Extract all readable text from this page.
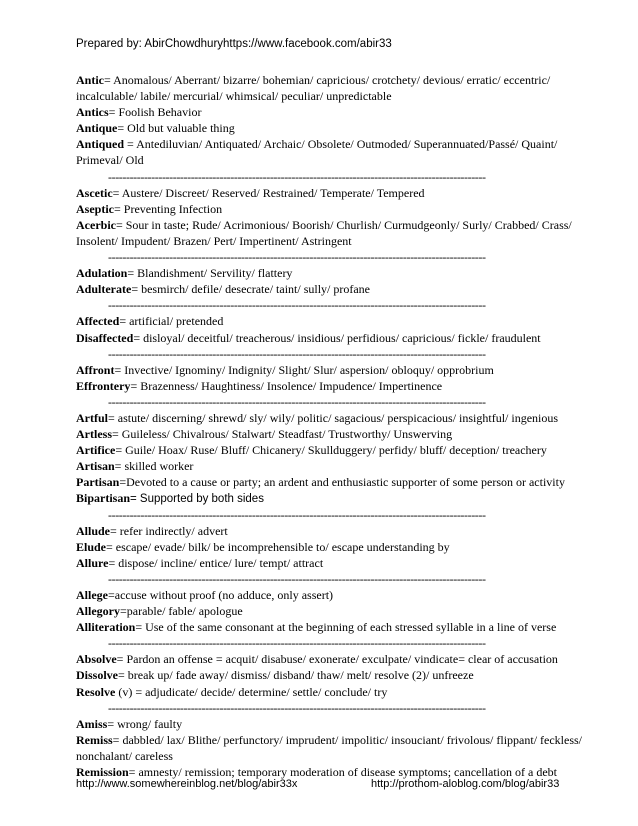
Prepared by: AbirChowdhuryhttps://www.facebook.com/abir33
Antic= Anomalous/ Aberrant/ bizarre/ bohemian/ capricious/ crotchety/ devious/ erratic/ eccentric/
incalculable/ labile/ mercurial/ whimsical/ peculiar/ unpredictable
Antics= Foolish Behavior
Antique= Old but valuable thing
Antiqued = Antediluvian/ Antiquated/ Archaic/ Obsolete/ Outmoded/ Superannuated/Passé/ Quaint/
Primeval/ Old
---------------------------------------------------------------------------------------------------------
Ascetic= Austere/ Discreet/ Reserved/ Restrained/ Temperate/ Tempered
Aseptic= Preventing Infection
Acerbic= Sour in taste; Rude/ Acrimonious/ Boorish/ Churlish/ Curmudgeonly/ Surly/ Crabbed/ Crass/
Insolent/ Impudent/ Brazen/ Pert/ Impertinent/ Astringent
---------------------------------------------------------------------------------------------------------
Adulation= Blandishment/ Servility/ flattery
Adulterate= besmirch/ defile/ desecrate/ taint/ sully/ profane
---------------------------------------------------------------------------------------------------------
Affected= artificial/ pretended
Disaffected= disloyal/ deceitful/ treacherous/ insidious/ perfidious/ capricious/ fickle/ fraudulent
---------------------------------------------------------------------------------------------------------
Affront= Invective/ Ignominy/ Indignity/ Slight/ Slur/ aspersion/ obloquy/ opprobrium
Effrontery= Brazenness/ Haughtiness/ Insolence/ Impudence/ Impertinence
---------------------------------------------------------------------------------------------------------
Artful= astute/ discerning/ shrewd/ sly/ wily/ politic/ sagacious/ perspicacious/ insightful/ ingenious
Artless= Guileless/ Chivalrous/ Stalwart/ Steadfast/ Trustworthy/ Unswerving
Artifice= Guile/ Hoax/ Ruse/ Bluff/ Chicanery/ Skullduggery/ perfidy/ bluff/ deception/ treachery
Artisan= skilled worker
Partisan=Devoted to a cause or party; an ardent and enthusiastic supporter of some person or activity
Bipartisan= Supported by both sides
---------------------------------------------------------------------------------------------------------
Allude= refer indirectly/ advert
Elude= escape/ evade/ bilk/ be incomprehensible to/ escape understanding by
Allure= dispose/ incline/ entice/ lure/ tempt/ attract
---------------------------------------------------------------------------------------------------------
Allege=accuse without proof (no adduce, only assert)
Allegory=parable/ fable/ apologue
Alliteration= Use of the same consonant at the beginning of each stressed syllable in a line of verse
---------------------------------------------------------------------------------------------------------
Absolve= Pardon an offense = acquit/ disabuse/ exonerate/ exculpate/ vindicate= clear of accusation
Dissolve= break up/ fade away/ dismiss/ disband/ thaw/ melt/ resolve (2)/ unfreeze
Resolve (v) = adjudicate/ decide/ determine/ settle/ conclude/ try
---------------------------------------------------------------------------------------------------------
Amiss= wrong/ faulty
Remiss= dabbled/ lax/ Blithe/ perfunctory/ imprudent/ impolitic/ insouciant/ frivolous/ flippant/ feckless/
nonchalant/ careless
Remission= amnesty/ remission; temporary moderation of disease symptoms; cancellation of a debt
http://www.somewhereinblog.net/blog/abir33x	http://prothom-aloblog.com/blog/abir33
